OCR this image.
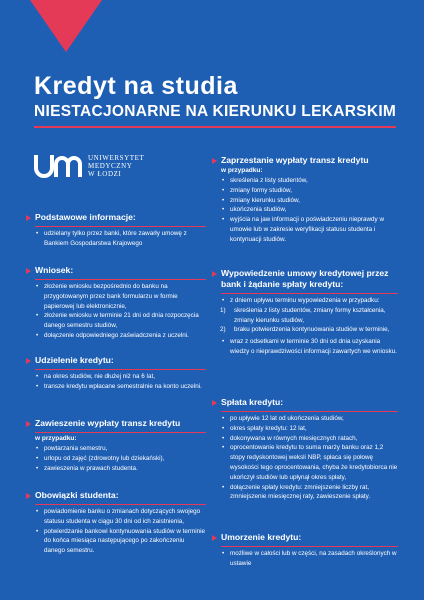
Kredyt na studia
NIESTACJONARNE NA KIERUNKU LEKARSKIM
UNIWERSYTET
MEDYCZNY
W ŁODZI
Podstawowe informacje:
• udzielany tylko przez banki, które zawarły umowę z Bankiem Gospodarstwa Krajowego
Wniosek:
• złożenie wniosku bezpośrednio do banku na przygotowanym przez bank formularzu w formie papierowej lub elektronicznie,
• złożenie wniosku w terminie 21 dni od dnia rozpoczęcia danego semestru studiów,
• dołączenie odpowiedniego zaświadczenia z uczelni.
Udzielenie kredytu:
• na okres studiów, nie dłużej niż na 6 lat,
• transze kredytu wpłacane semestralnie na konto uczelni.
Zawieszenie wypłaty transz kredytu
w przypadku:
• powtarzania semestru,
• urlopu od zajęć (zdrowotny lub dziekański),
• zawieszenia w prawach studenta.
Obowiązki studenta:
• powiadomienie banku o zmianach dotyczących swojego statusu studenta w ciągu 30 dni od ich zaistnienia,
• potwierdzanie bankowi kontynuowania studiów w terminie do końca miesiąca następującego po zakończeniu danego semestru.
Zaprzestanie wypłaty transz kredytu
w przypadku:
• skreślenia z listy studentów,
• zmiany formy studiów,
• zmiany kierunku studiów,
• ukończenia studiów,
• wyjścia na jaw informacji o poświadczeniu nieprawdy w umowie lub w zakresie weryfikacji statusu studenta i kontynuacji studiów.
Wypowiedzenie umowy kredytowej przez bank i żądanie spłaty kredytu:
• z dniem upływu terminu wypowiedzenia w przypadku:
1) skreślenia z listy studentów, zmiany formy kształcenia, zmiany kierunku studiów,
2) braku potwierdzenia kontynuowania studiów w terminie,
• wraz z odsetkami w terminie 30 dni od dnia uzyskania wiedzy o nieprawdziwości informacji zawartych we wniosku.
Spłata kredytu:
• po upływie 12 lat od ukończenia studiów,
• okres spłaty kredytu: 12 lat,
• dokonywana w równych miesięcznych ratach,
• oprocentowanie kredytu to suma marży banku oraz 1,2 stopy redyskontowej weksli NBP, spłaca się połowę wysokości tego oprocentowania, chyba że kredytobiorca nie ukończył studiów lub upłynął okres spłaty,
• dołączenie spłaty kredytu: zmniejszenie liczby rat, zmniejszenie miesięcznej raty, zawieszenie spłaty.
Umorzenie kredytu:
• możliwe w całości lub w części, na zasadach określonych w ustawie
